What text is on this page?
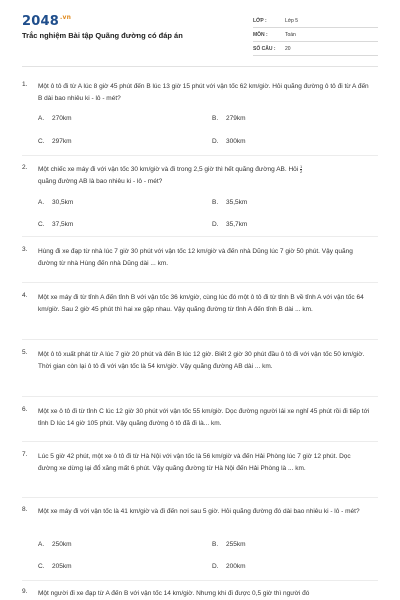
$2048^{.vn}$
Trắc nghiệm Bài tập Quãng đường có đáp án
LỚP :	Lớp 5
MÔN :	Toán
SỐ CÂU : 20
1. Một ô tô đi từ A lúc 8 giờ 45 phút đến B lúc 13 giờ 15 phút với vận tốc 62 km/giờ. Hỏi quãng đường ô tô đi từ A đến B dài bao nhiêu ki - lô - mét?
A. 270km	B. 279km
C. 297km	D. 300km
2. Một chiếc xe máy đi với vận tốc 30 km/giờ và đi trong 2,5 giờ thì hết quãng đường AB. Hỏi $\frac{1}{2}$

quãng đường AB là bao nhiêu ki - lô - mét?
A. 30,5km	B. 35,5km
C. 37,5km	D. 35,7km
3. Hùng đi xe đạp từ nhà lúc 7 giờ 30 phút với vận tốc 12 km/giờ và đến nhà Dũng lúc 7 giờ 50 phút. Vậy quãng đường từ nhà Hùng đến nhà Dũng dài ... km.
4. Một xe máy đi từ tỉnh A đến tỉnh B với vận tốc 36 km/giờ, cùng lúc đó một ô tô đi từ tỉnh B về tỉnh A với vận tốc 64 km/giờ. Sau 2 giờ 45 phút thì hai xe gặp nhau. Vậy quãng đường từ tỉnh A đến tỉnh B dài ... km.
5. Một ô tô xuất phát từ A lúc 7 giờ 20 phút và đến B lúc 12 giờ. Biết 2 giờ 30 phút đầu ô tô đi với vận tốc 50 km/giờ. Thời gian còn lại ô tô đi với vận tốc là 54 km/giờ. Vậy quãng đường AB dài ... km.
6. Một xe ô tô đi từ tỉnh C lúc 12 giờ 30 phút với vận tốc 55 km/giờ. Dọc đường người lái xe nghỉ 45 phút rồi đi tiếp tới tỉnh D lúc 14 giờ 105 phút. Vậy quãng đường ô tô đã đi là... km.
7. Lúc 5 giờ 42 phút, một xe ô tô đi từ Hà Nội với vận tốc là 56 km/giờ và đến Hải Phòng lúc 7 giờ 12 phút. Dọc đường xe dừng lại đổ xăng mất 6 phút. Vậy quãng đường từ Hà Nội đến Hải Phòng là ... km.
8. Một xe máy đi với vận tốc là 41 km/giờ và đi đến nơi sau 5 giờ. Hỏi quãng đường đó dài bao nhiêu ki - lô - mét?
A. 250km	B. 255km
C. 205km	D. 200km
9. Một người đi xe đạp từ A đến B với vận tốc 14 km/giờ. Nhưng khi đi được 0,5 giờ thì người đó
